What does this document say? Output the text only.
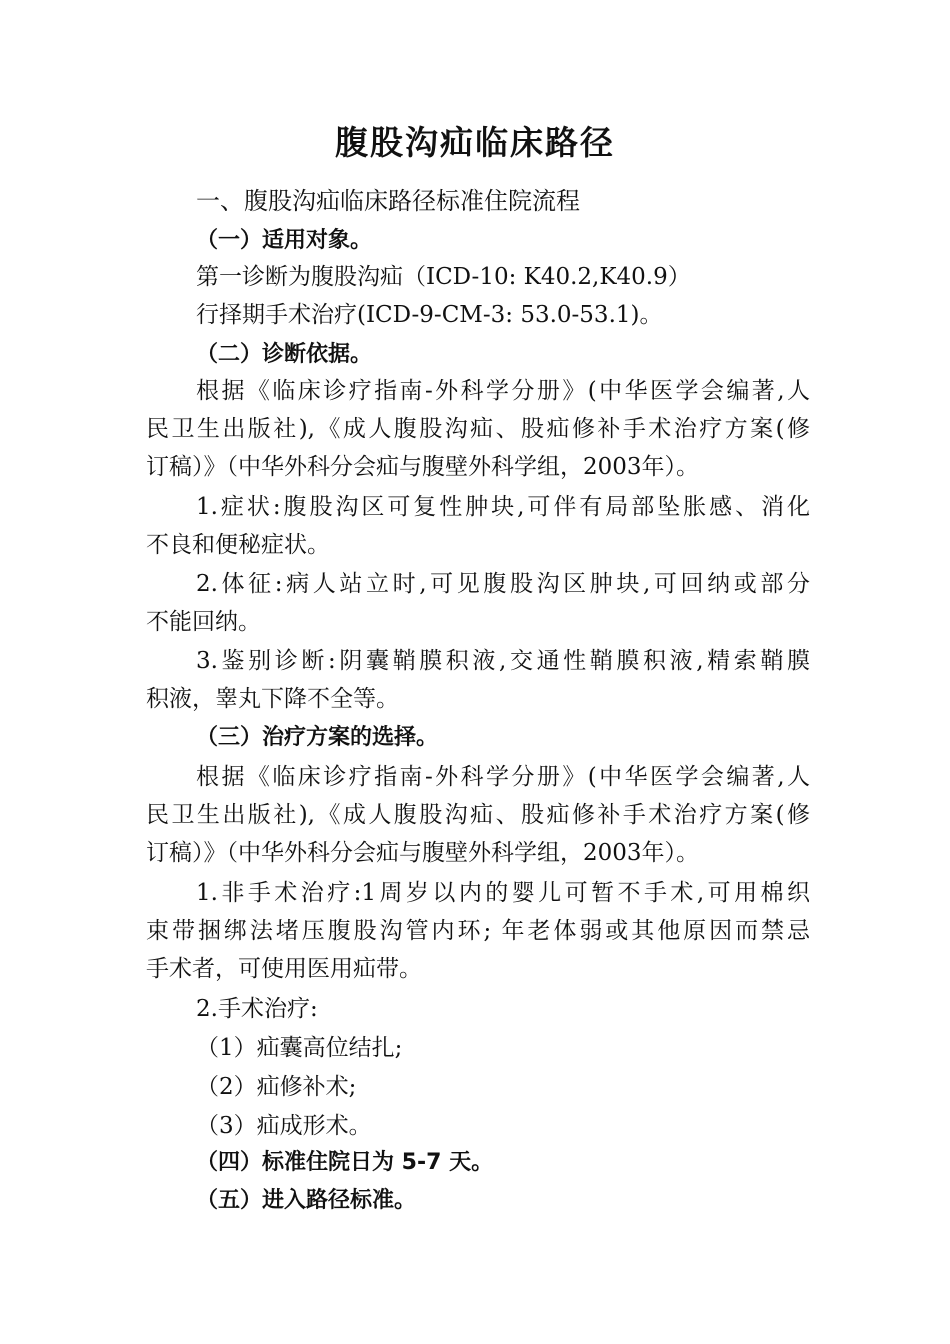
腹股沟疝临床路径

一、腹股沟疝临床路径标准住院流程

（一）适用对象。

第一诊断为腹股沟疝（ICD-10: K40.2,K40.9）

行择期手术治疗(ICD-9-CM-3: 53.0-53.1)。

（二）诊断依据。

根据《临床诊疗指南-外科学分册》(中华医学会编著,人

民卫生出版社),《成人腹股沟疝、股疝修补手术治疗方案(修

订稿）》（中华外科分会疝与腹壁外科学组，2003年）。

1.症状:腹股沟区可复性肿块,可伴有局部坠胀感、消化

不良和便秘症状。

2.体征:病人站立时,可见腹股沟区肿块,可回纳或部分

不能回纳。

3.鉴别诊断:阴囊鞘膜积液,交通性鞘膜积液,精索鞘膜

积液，睾丸下降不全等。

（三）治疗方案的选择。

根据《临床诊疗指南-外科学分册》(中华医学会编著,人

民卫生出版社),《成人腹股沟疝、股疝修补手术治疗方案(修

订稿）》（中华外科分会疝与腹壁外科学组，2003年）。

1.非手术治疗:1周岁以内的婴儿可暂不手术,可用棉织

束带捆绑法堵压腹股沟管内环; 年老体弱或其他原因而禁忌

手术者，可使用医用疝带。

2.手术治疗:

（1）疝囊高位结扎;

（2）疝修补术;

（3）疝成形术。

（四）标准住院日为 5-7 天。

（五）进入路径标准。
